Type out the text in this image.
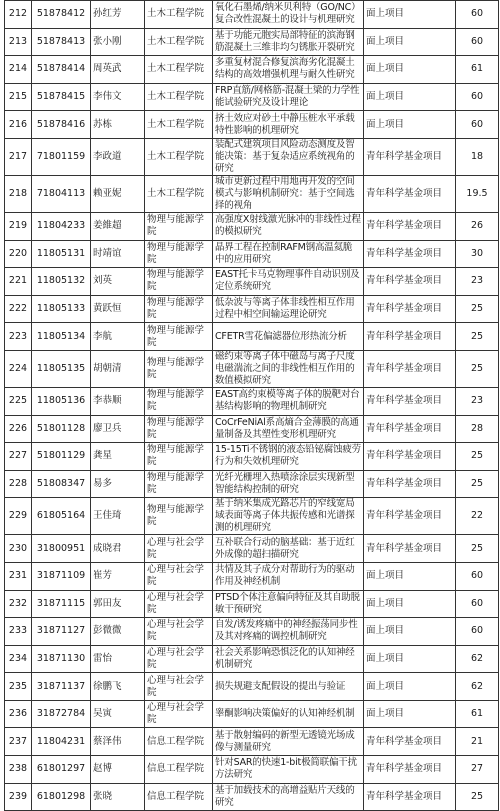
212	51878412	孙红芳	土木工程学院	氧化石墨烯/纳米贝利特（GO/NC）复合改性混凝土的设计与机理研究	面上项目	60
213	51878413	张小刚	土木工程学院	基于功能元胞实局部特征的滨海钢筋混凝土三维非均匀锈胀开裂研究	面上项目	60
214	51878414	周英武	土木工程学院	多重复材混合修复滨海劣化混凝土结构的高效增强机理与耐久性研究	面上项目	61
215	51878415	李伟文	土木工程学院	FRP直筋/网格筋-混凝土梁的力学性能试验研究及设计理论	面上项目	60
216	51878416	苏栋	土木工程学院	挤土效应对砂土中静压桩水平承载特性影响的机理研究	面上项目	60
217	71801159	李政道	土木工程学院	装配式建筑项目风险动态测度及智能决策：基于复杂适应系统视角的研究	青年科学基金项目	18
218	71804113	赖亚妮	土木工程学院	城市更新过程中用地再开发的空间模式与影响机制研究：基于空间选择的视角	青年科学基金项目	19.5
219	11804233	姜維超	物理与能源学院	高强度X射线激光脉冲的非线性过程的模拟研究	青年科学基金项目	26
220	11805131	时靖谊	物理与能源学院	晶界工程在控制RAFM钢高温氦脆中的应用研究	青年科学基金项目	30
221	11805132	刘英	物理与能源学院	EAST托卡马克物理事件自动识别及定位系统研究	青年科学基金项目	23
222	11805133	黄跃恒	物理与能源学院	低杂波与等离子体非线性相互作用过程中相空间输运理论研究	青年科学基金项目	25
223	11805134	李航	物理与能源学院	CFETR雪花偏滤器位形热流分析	青年科学基金项目	25
224	11805135	胡朝清	物理与能源学院	磁约束等离子体中磁岛与离子尺度电磁湍流之间的非线性相互作用的数值模拟研究	青年科学基金项目	25
225	11805136	李恭顺	物理与能源学院	EAST高约束模等离子体的脱靶对台基结构影响的物理机制研究	青年科学基金项目	23
226	51801128	廖卫兵	物理与能源学院	CoCrFeNiAl系高熵合金薄膜的高通量制备及其塑性变形机理研究	青年科学基金项目	28
227	51801129	龚星	物理与能源学院	15-15Ti不锈钢的液态铅铋腐蚀疲劳行为和失效机理研究	青年科学基金项目	25
228	51808347	易多	物理与能源学院	光纤光栅埋入热喷涂涂层实现新型智能结构控制的研究	青年科学基金项目	25
229	61805164	王佳琦	物理与能源学院	基于纳米集成光路芯片的窄线宽局域表面等离子体共振传感和光谱探测的机理研究	青年科学基金项目	22
230	31800951	成晓君	心理与社会学院	互补联合行动的脑基础：基于近红外成像的超扫描研究	青年科学基金项目	25
231	31871109	崔芳	心理与社会学院	共情及其子成分对帮助行为的驱动作用及神经机制	面上项目	60
232	31871115	郭田友	心理与社会学院	PTSD个体注意偏向特征及其自助脱敏干预研究	面上项目	60
233	31871127	彭微微	心理与社会学院	自发/诱发疼痛中的神经振荡同步性及其对疼痛的调控机制研究	面上项目	60
234	31871130	雷怡	心理与社会学院	社会关系影响恐惧泛化的认知神经机制研究	面上项目	62
235	31871137	徐鹏飞	心理与社会学院	损失规避支配假设的提出与验证	面上项目	62
236	31872784	吴寅	心理与社会学院	睾酮影响决策偏好的认知神经机制	面上项目	61
237	11804231	蔡泽伟	信息工程学院	基于散射编码的新型无透镜光场成像与测量研究	青年科学基金项目	21
238	61801297	赵博	信息工程学院	针对SAR的快速1-bit极简联偏干扰方法研究	青年科学基金项目	27
239	61801298	张晓	信息工程学院	基于加载技术的高增益贴片天线的研究	青年科学基金项目	25
